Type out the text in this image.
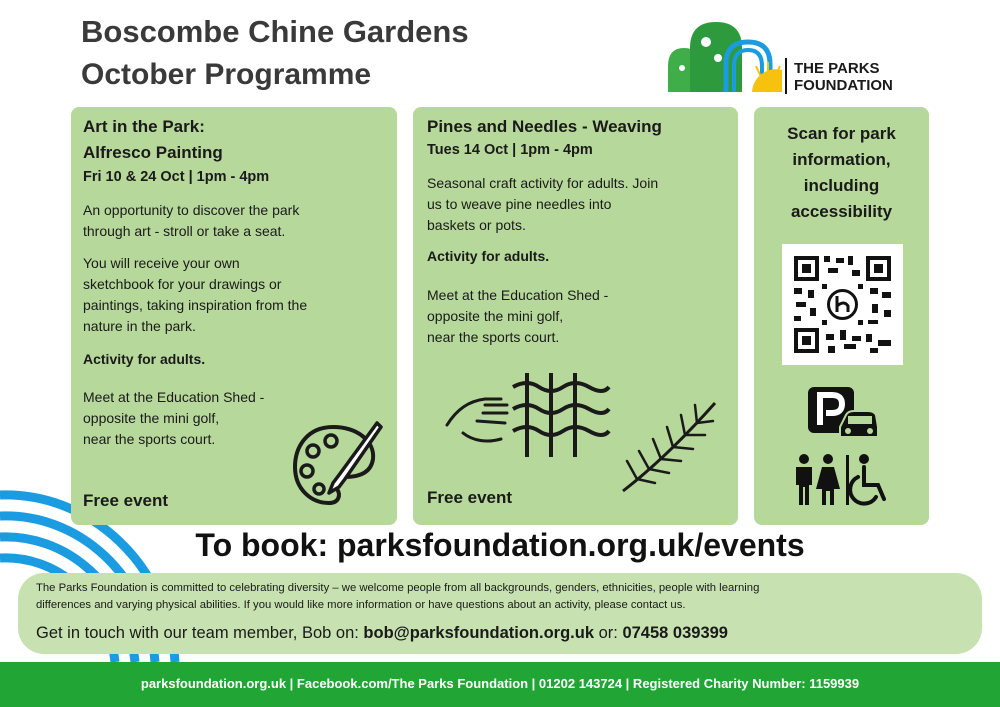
Boscombe Chine Gardens
October Programme	THE PARKS
FOUNDATION
Art in the Park:
Alfresco Painting
Fri 10 & 24 Oct | 1pm - 4pm
An opportunity to discover the park
through art - stroll or take a seat.
You will receive your own
sketchbook for your drawings or
paintings, taking inspiration from the
nature in the park.
Activity for adults.
Meet at the Education Shed -
opposite the mini golf,
near the sports court.
Free event
Pines and Needles - Weaving
Tues 14 Oct | 1pm - 4pm
Seasonal craft activity for adults. Join
us to weave pine needles into
baskets or pots.
Activity for adults.
Meet at the Education Shed -
opposite the mini golf,
near the sports court.
Free event
Scan for park
information,
including
accessibility
To book: parksfoundation.org.uk/events
The Parks Foundation is committed to celebrating diversity – we welcome people from all backgrounds, genders, ethnicities, people with learning
differences and varying physical abilities. If you would like more information or have questions about an activity, please contact us.
Get in touch with our team member, Bob on: bob@parksfoundation.org.uk or: 07458 039399
parksfoundation.org.uk | Facebook.com/The Parks Foundation | 01202 143724 | Registered Charity Number: 1159939
